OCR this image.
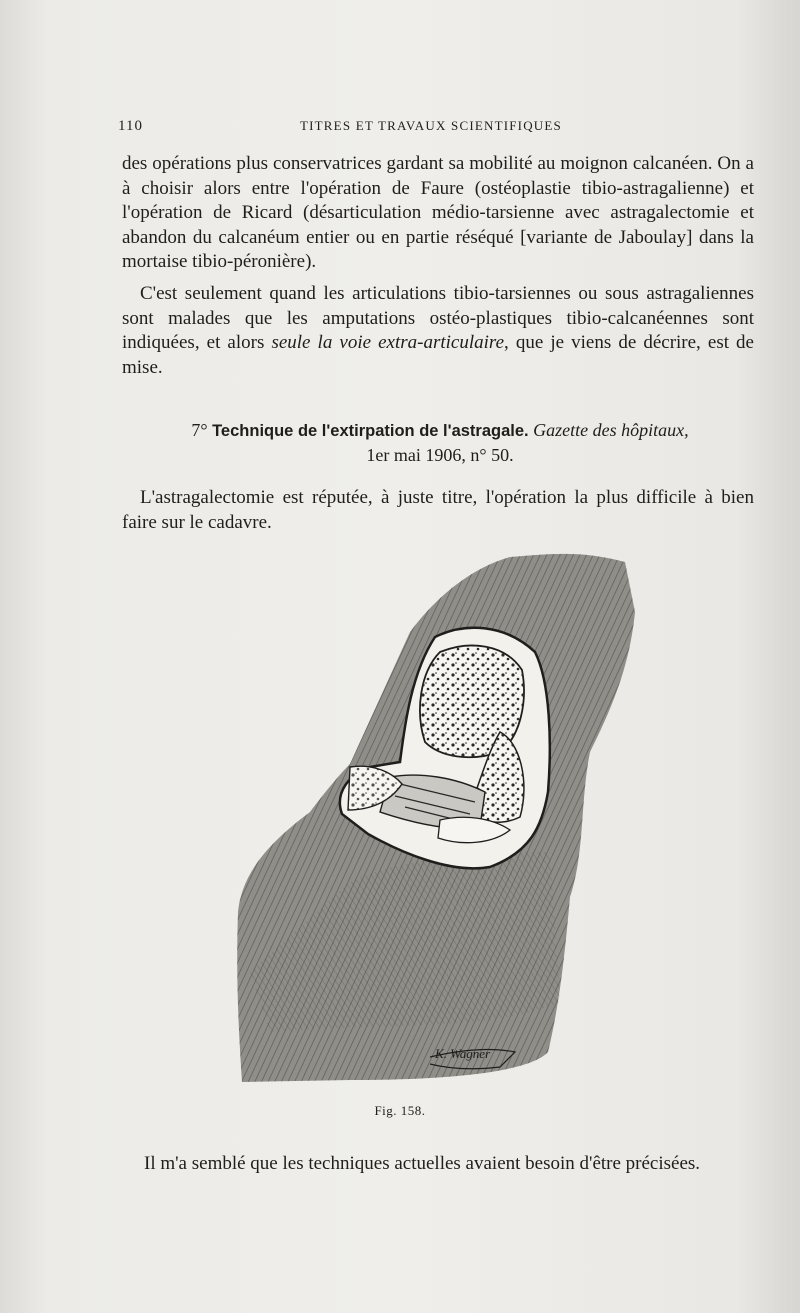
110	TITRES ET TRAVAUX SCIENTIFIQUES
des opérations plus conservatrices gardant sa mobilité au moignon calcanéen. On a à choisir alors entre l'opération de Faure (ostéoplastie tibio-astragalienne) et l'opération de Ricard (désarticulation médio-tarsienne avec astragalectomie et abandon du calcanéum entier ou en partie réséqué [variante de Jaboulay] dans la mortaise tibio-péronière).
C'est seulement quand les articulations tibio-tarsiennes ou sous astragaliennes sont malades que les amputations ostéo-plastiques tibio-calcanéennes sont indiquées, et alors seule la voie extra-articulaire, que je viens de décrire, est de mise.
7° Technique de l'extirpation de l'astragale. Gazette des hôpitaux,
1er mai 1906, n° 50.
L'astragalectomie est réputée, à juste titre, l'opération la plus difficile à bien faire sur le cadavre.
K. Wagner
Fig. 158.
Il m'a semblé que les techniques actuelles avaient besoin d'être précisées.
